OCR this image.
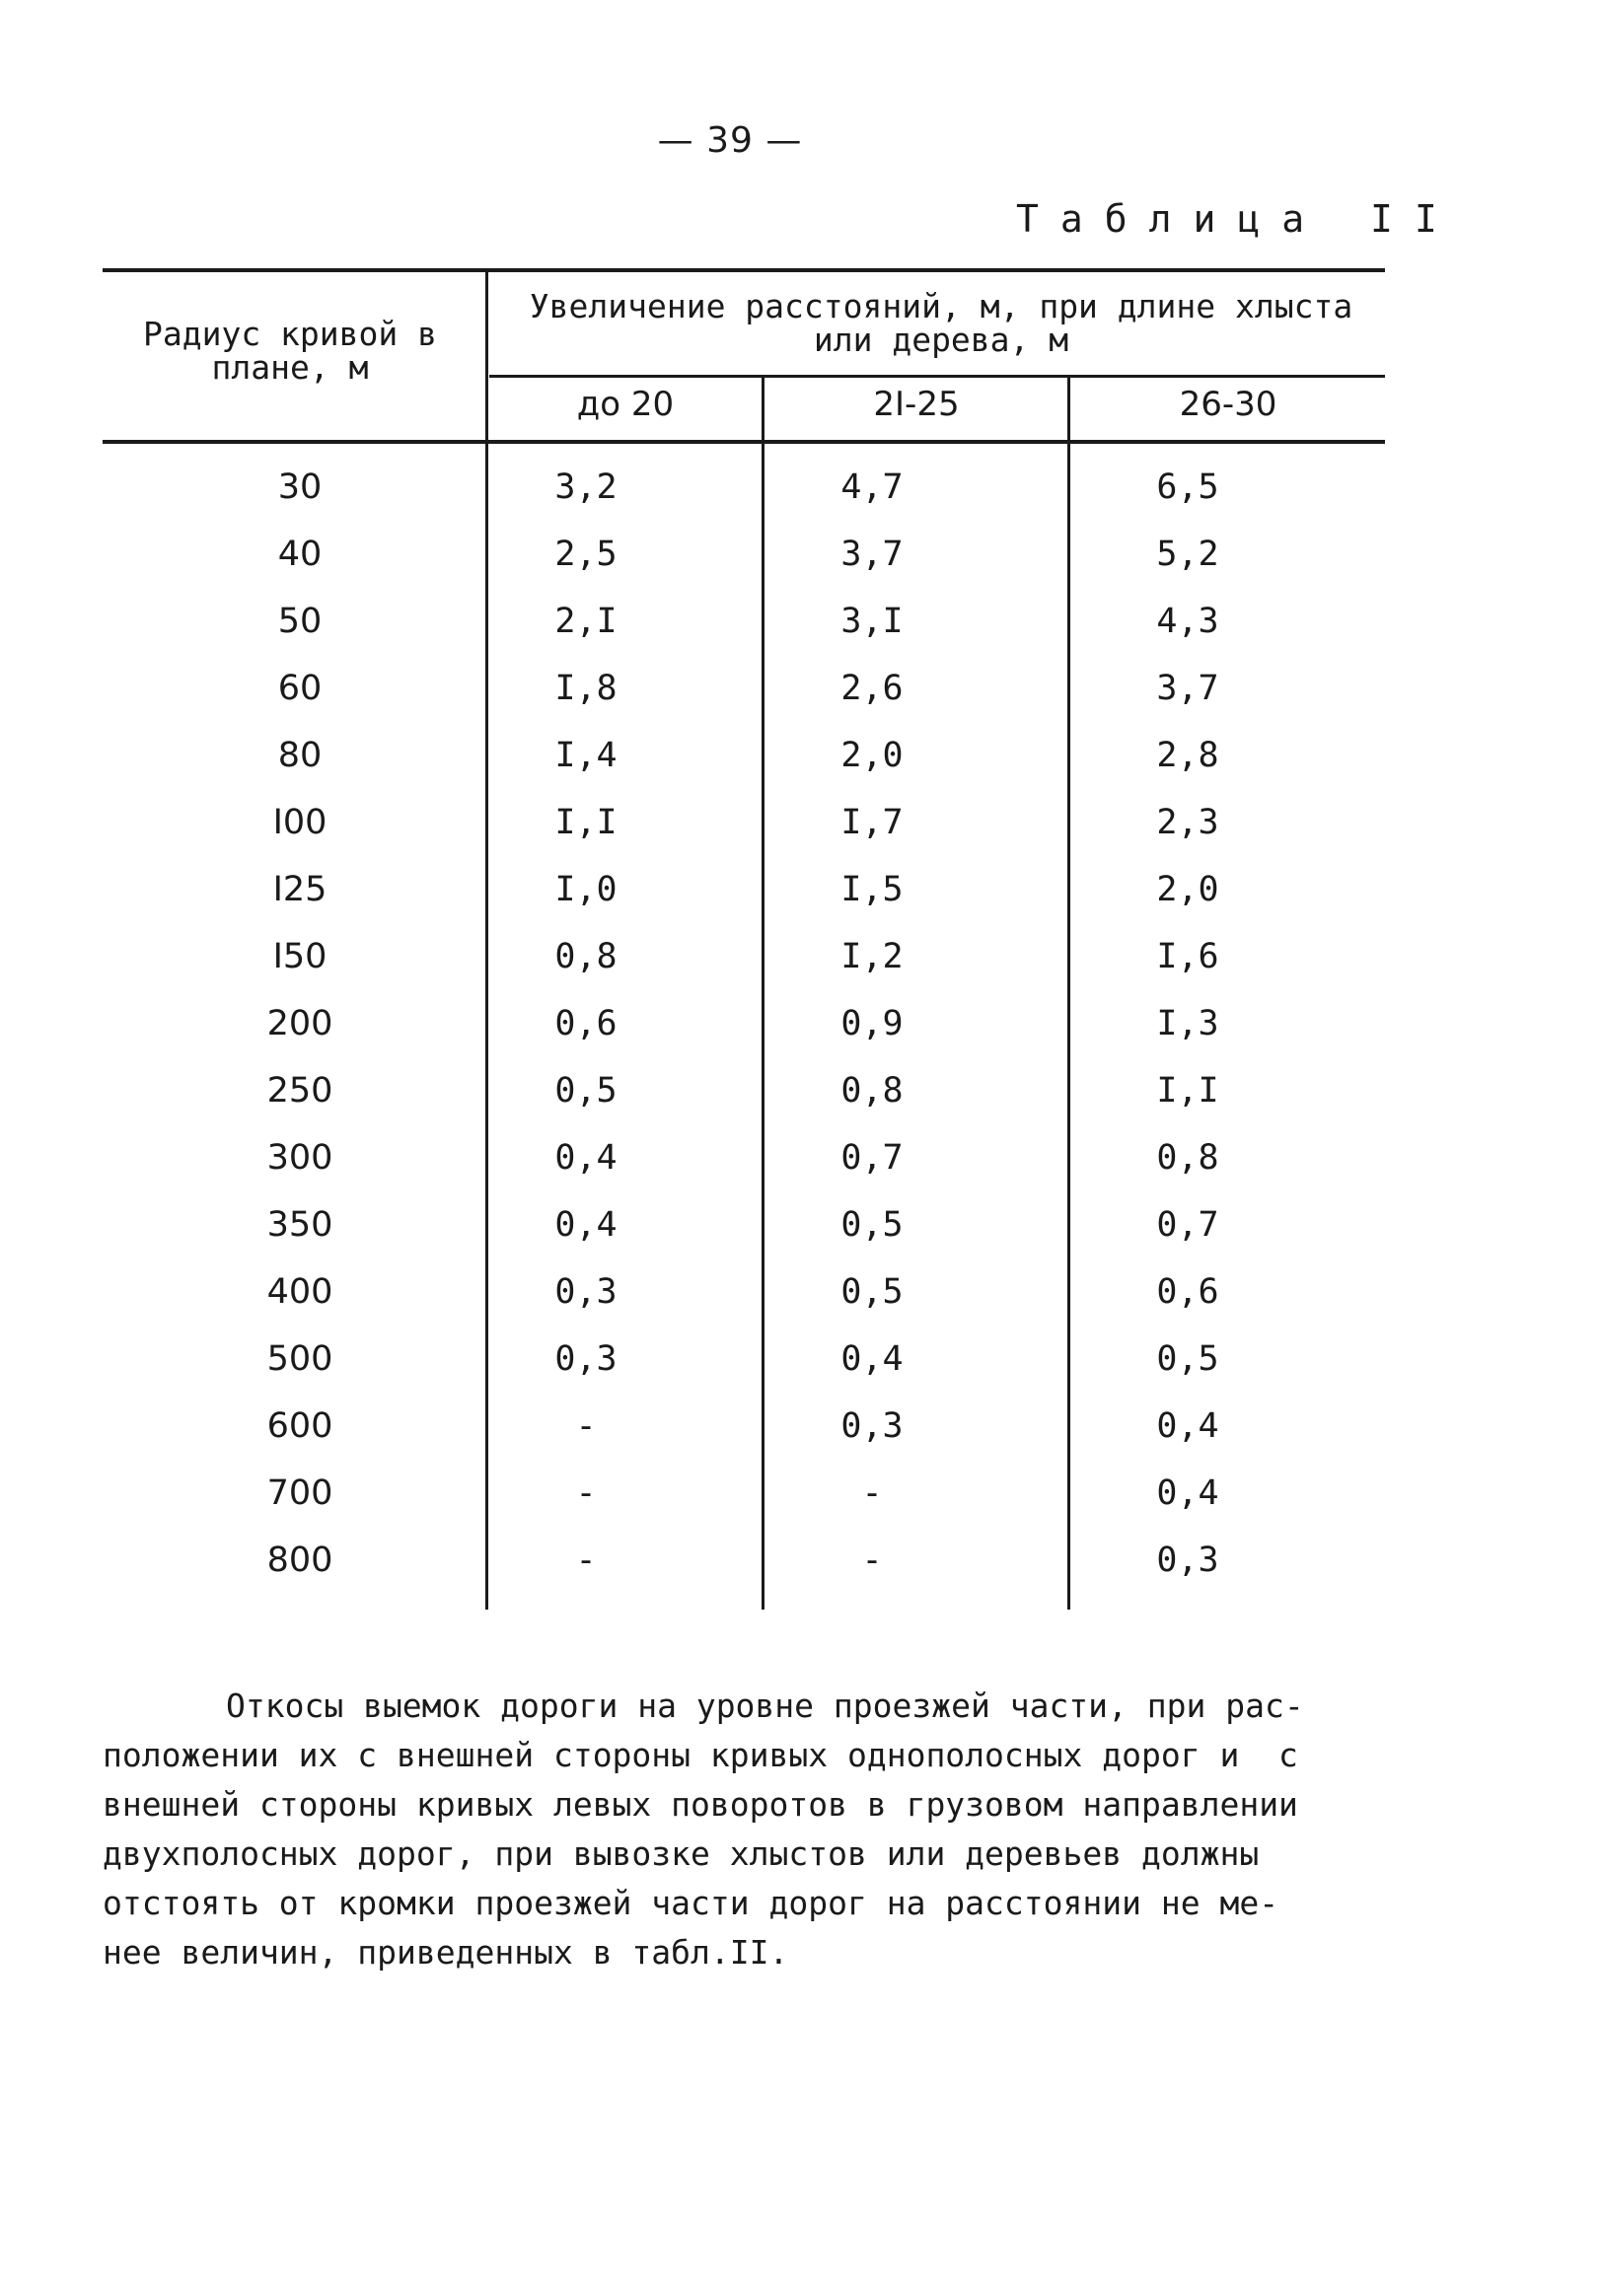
— 39 —
Таблица II
Радиус кривой в плане, м
Увеличение расстояний, м, при длине хлыста или дерева, м
до 20	2I-25	26-30
30	3,2	4,7	6,5
40	2,5	3,7	5,2
50	2,I	3,I	4,3
60	I,8	2,6	3,7
80	I,4	2,0	2,8
I00	I,I	I,7	2,3
I25	I,0	I,5	2,0
I50	0,8	I,2	I,6
200	0,6	0,9	I,3
250	0,5	0,8	I,I
300	0,4	0,7	0,8
350	0,4	0,5	0,7
400	0,3	0,5	0,6
500	0,3	0,4	0,5
600	-	0,3	0,4
700	-	-	0,4
800	-	-	0,3
Откосы выемок дороги на уровне проезжей части, при рас-
положении их с внешней стороны кривых однополосных дорог и  с
внешней стороны кривых левых поворотов в грузовом направлении
двухполосных дорог, при вывозке хлыстов или деревьев должны
отстоять от кромки проезжей части дорог на расстоянии не ме-
нее величин, приведенных в табл.II.
